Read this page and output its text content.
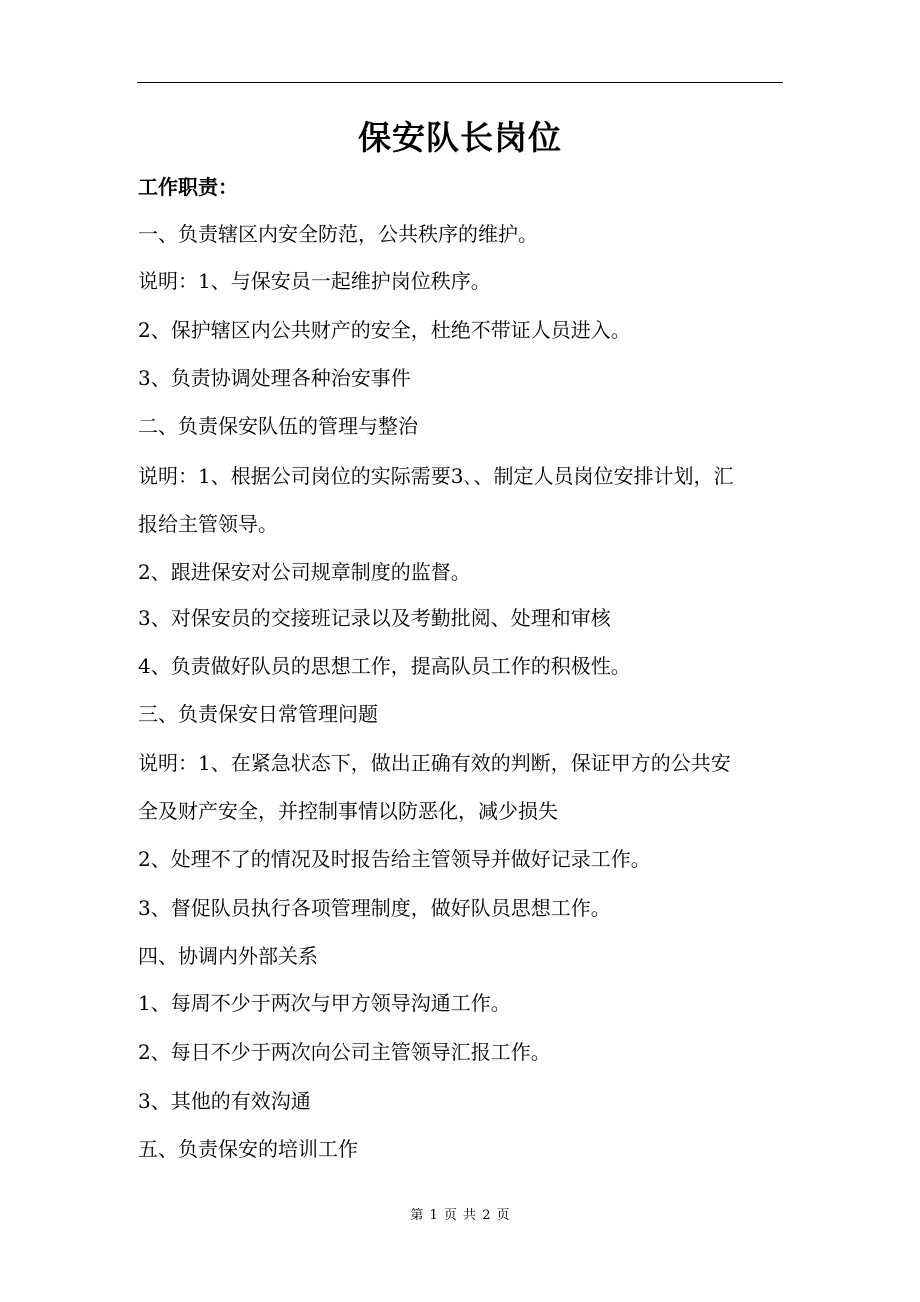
保安队长岗位

工作职责：

一、负责辖区内安全防范，公共秩序的维护。

说明：1、与保安员一起维护岗位秩序。

2、保护辖区内公共财产的安全，杜绝不带证人员进入。

3、负责协调处理各种治安事件

二、负责保安队伍的管理与整治

说明：1、根据公司岗位的实际需要3､、制定人员岗位安排计划，汇

报给主管领导。

2、跟进保安对公司规章制度的监督。

3、对保安员的交接班记录以及考勤批阅、处理和审核

4、负责做好队员的思想工作，提高队员工作的积极性。

三、负责保安日常管理问题

说明：1、在紧急状态下，做出正确有效的判断，保证甲方的公共安

全及财产安全，并控制事情以防恶化，减少损失

2、处理不了的情况及时报告给主管领导并做好记录工作。

3、督促队员执行各项管理制度，做好队员思想工作。

四、协调内外部关系

1、每周不少于两次与甲方领导沟通工作。

2、每日不少于两次向公司主管领导汇报工作。

3、其他的有效沟通

五、负责保安的培训工作

第 1 页 共 2 页
